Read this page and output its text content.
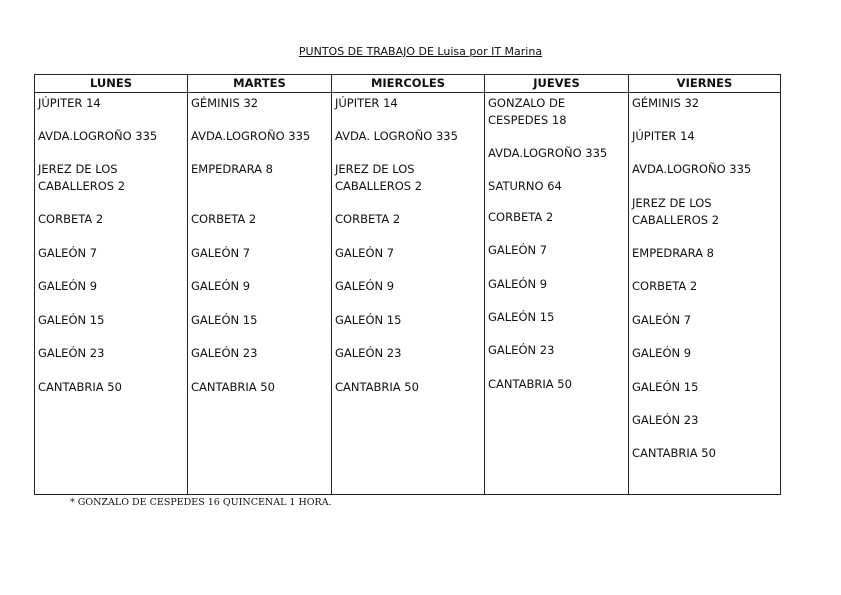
PUNTOS DE TRABAJO DE Luisa por IT Marina
LUNES
JÚPITER 14
AVDA.LOGROÑO 335
JEREZ DE LOS CABALLEROS 2
CORBETA 2
GALEÓN 7
GALEÓN 9
GALEÓN 15
GALEÓN 23
CANTABRIA 50
MARTES
GÉMINIS 32
AVDA.LOGROÑO 335
EMPEDRARA 8
CORBETA 2
GALEÓN 7
GALEÓN 9
GALEÓN 15
GALEÓN 23
CANTABRIA 50
MIERCOLES
JÚPITER 14
AVDA. LOGROÑO 335
JEREZ DE LOS CABALLEROS 2
CORBETA 2
GALEÓN 7
GALEÓN 9
GALEÓN 15
GALEÓN 23
CANTABRIA 50
JUEVES
GONZALO DE CESPEDES 18
AVDA.LOGROÑO 335
SATURNO 64
CORBETA 2
GALEÓN 7
GALEÓN 9
GALEÓN 15
GALEÓN 23
CANTABRIA 50
VIERNES
GÉMINIS 32
JÚPITER 14
AVDA.LOGROÑO 335
JEREZ DE LOS CABALLEROS 2
EMPEDRARA 8
CORBETA 2
GALEÓN 7
GALEÓN 9
GALEÓN 15
GALEÓN 23
CANTABRIA 50
* GONZALO DE CESPEDES 16 QUINCENAL 1 HORA.
